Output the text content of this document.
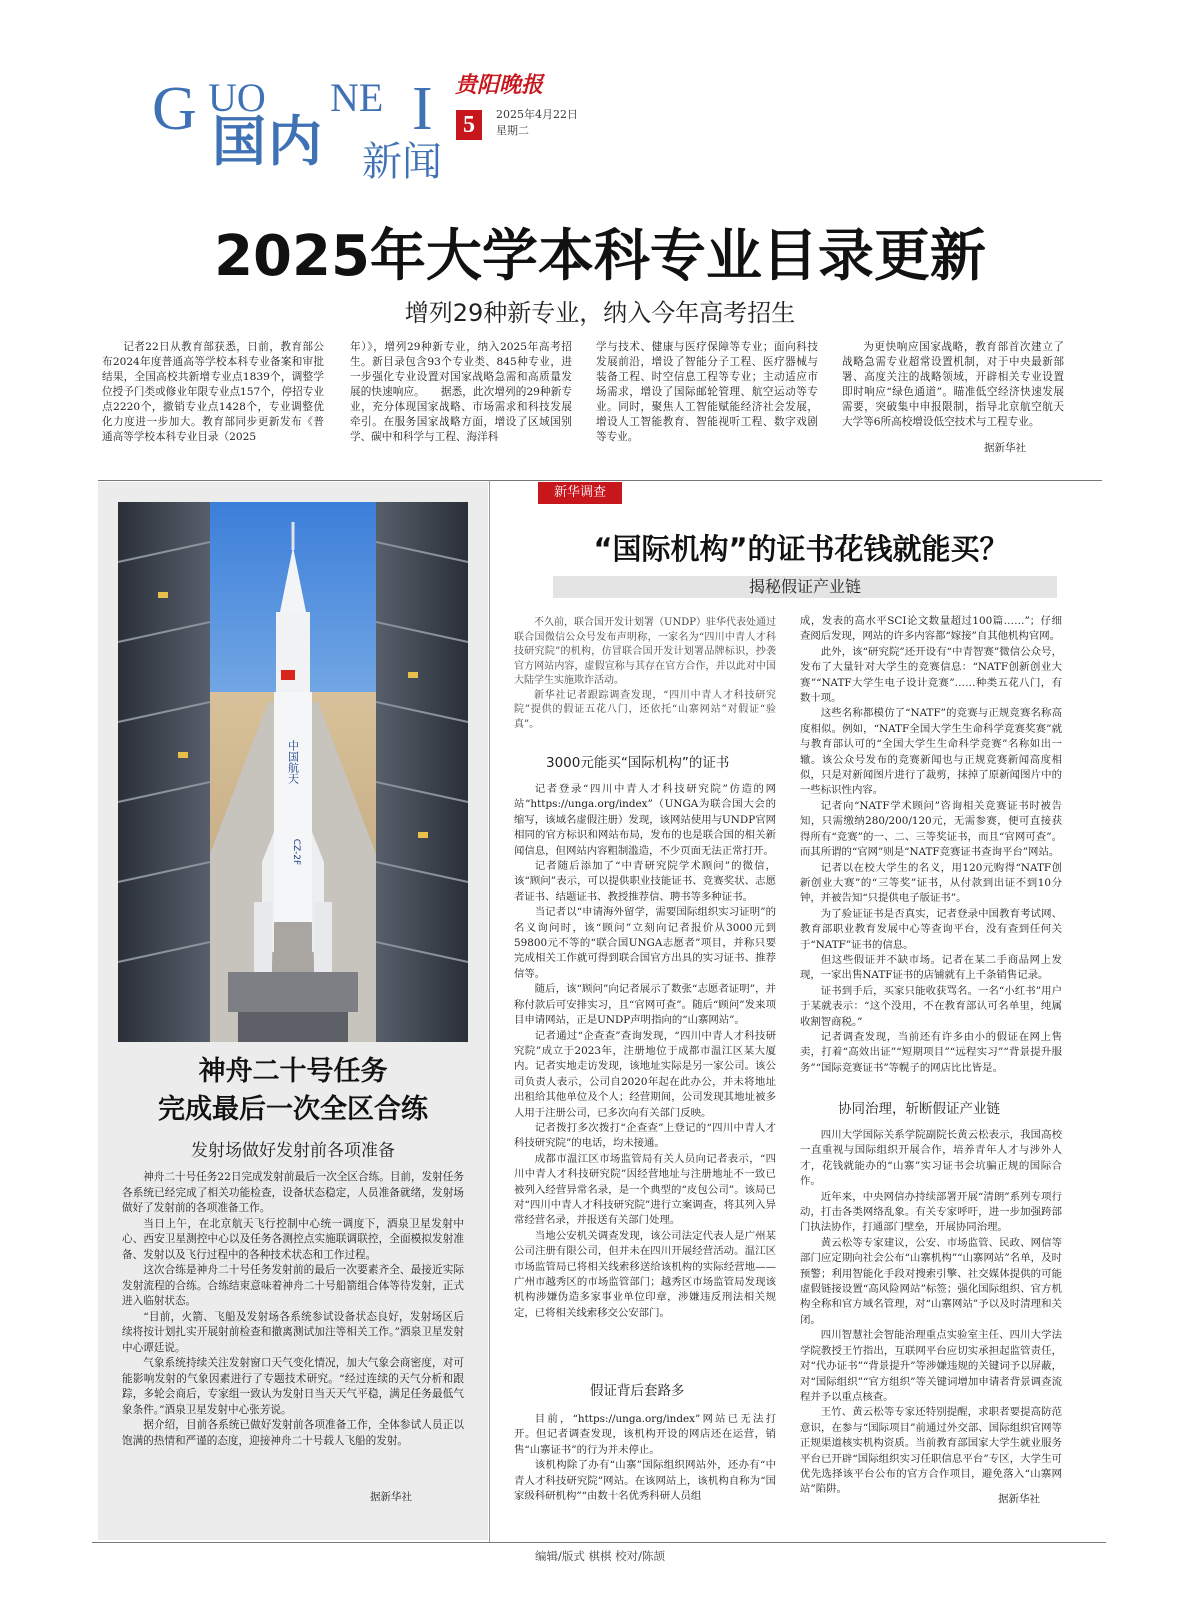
G UO NE I
国内 新闻
贵阳晚报
5	2025年4月22日
星期二
2025年大学本科专业目录更新
增列29种新专业，纳入今年高考招生
记者22日从教育部获悉，日前，教育部公布2024年度普通高等学校本科专业备案和审批结果，全国高校共新增专业点1839个，调整学位授予门类或修业年限专业点157个，停招专业点2220个，撤销专业点1428个，专业调整优化力度进一步加大。教育部同步更新发布《普通高等学校本科专业目录（2025
年）》，增列29种新专业，纳入2025年高考招生。新目录包含93个专业类、845种专业，进一步强化专业设置对国家战略急需和高质量发展的快速响应。　　据悉，此次增列的29种新专业，充分体现国家战略、市场需求和科技发展牵引。在服务国家战略方面，增设了区域国别学、碳中和科学与工程、海洋科
学与技术、健康与医疗保障等专业；面向科技发展前沿，增设了智能分子工程、医疗器械与装备工程、时空信息工程等专业；主动适应市场需求，增设了国际邮轮管理、航空运动等专业。同时，聚焦人工智能赋能经济社会发展，增设人工智能教育、智能视听工程、数字戏剧等专业。
为更快响应国家战略，教育部首次建立了战略急需专业超常设置机制，对于中央最新部署、高度关注的战略领域，开辟相关专业设置即时响应“绿色通道”。瞄准低空经济快速发展需要，突破集中申报限制，指导北京航空航天大学等6所高校增设低空技术与工程专业。
据新华社
中国航天
CZ-2F
神舟二十号任务
完成最后一次全区合练
发射场做好发射前各项准备

神舟二十号任务22日完成发射前最后一次全区合练。目前，发射任务各系统已经完成了相关功能检查，设备状态稳定，人员准备就绪，发射场做好了发射前的各项准备工作。

当日上午，在北京航天飞行控制中心统一调度下，酒泉卫星发射中心、西安卫星测控中心以及任务各测控点实施联调联控，全面模拟发射准备、发射以及飞行过程中的各种技术状态和工作过程。

这次合练是神舟二十号任务发射前的最后一次要素齐全、最接近实际发射流程的合练。合练结束意味着神舟二十号船箭组合体等待发射，正式进入临射状态。

“目前，火箭、飞船及发射场各系统参试设备状态良好，发射场区后续将按计划扎实开展射前检查和撤离测试加注等相关工作。”酒泉卫星发射中心谭廷说。

气象系统持续关注发射窗口天气变化情况，加大气象会商密度，对可能影响发射的气象因素进行了专题技术研究。“经过连续的天气分析和跟踪，多轮会商后，专家组一致认为发射日当天天气平稳，满足任务最低气象条件。”酒泉卫星发射中心张芳说。

据介绍，目前各系统已做好发射前各项准备工作，全体参试人员正以饱满的热情和严谨的态度，迎接神舟二十号载人飞船的发射。

据新华社
新华调查
“国际机构”的证书花钱就能买？
揭秘假证产业链

不久前，联合国开发计划署（UNDP）驻华代表处通过联合国微信公众号发布声明称，一家名为“四川中青人才科技研究院”的机构，仿冒联合国开发计划署品牌标识，抄袭官方网站内容，虚假宣称与其存在官方合作，并以此对中国大陆学生实施欺诈活动。

新华社记者跟踪调查发现，“四川中青人才科技研究院”提供的假证五花八门，还依托“山寨网站”对假证“验真”。

3000元能买“国际机构”的证书

记者登录“四川中青人才科技研究院”仿造的网站“https://unga.org/index”（UNGA为联合国大会的缩写，该域名虚假注册）发现，该网站使用与UNDP官网相同的官方标识和网站布局，发布的也是联合国的相关新闻信息，但网站内容粗制滥造，不少页面无法正常打开。

记者随后添加了“中青研究院学术顾问”的微信，该“顾问”表示，可以提供职业技能证书、竞赛奖状、志愿者证书、结题证书、教授推荐信、聘书等多种证书。

当记者以“申请海外留学，需要国际组织实习证明”的名义询问时，该“顾问”立刻向记者报价从3000元到59800元不等的“联合国UNGA志愿者”项目，并称只要完成相关工作就可得到联合国官方出具的实习证书、推荐信等。

随后，该“顾问”向记者展示了数张“志愿者证明”，并称付款后可安排实习，且“官网可查”。随后“顾问”发来项目申请网站，正是UNDP声明指向的“山寨网站”。

记者通过“企查查”查询发现，“四川中青人才科技研究院”成立于2023年，注册地位于成都市温江区某大厦内。记者实地走访发现，该地址实际是另一家公司。该公司负责人表示，公司自2020年起在此办公，并未将地址出租给其他单位及个人；经营期间，公司发现其地址被多人用于注册公司，已多次向有关部门反映。

记者拨打多次拨打“企查查”上登记的“四川中青人才科技研究院”的电话，均未接通。

成都市温江区市场监管局有关人员向记者表示，“四川中青人才科技研究院”因经营地址与注册地址不一致已被列入经营异常名录，是一个典型的“皮包公司”。该局已对“四川中青人才科技研究院”进行立案调查，将其列入异常经营名录，并报送有关部门处理。

当地公安机关调查发现，该公司法定代表人是广州某公司注册有限公司，但并未在四川开展经营活动。温江区市场监管局已将相关线索移送给该机构的实际经营地——广州市越秀区的市场监管部门；越秀区市场监管局发现该机构涉嫌伪造多家事业单位印章，涉嫌违反刑法相关规定，已将相关线索移交公安部门。

假证背后套路多

目前，“https://unga.org/index”网站已无法打开。但记者调查发现，该机构开设的网店还在运营，销售“山寨证书”的行为并未停止。

该机构除了办有“山寨”国际组织网站外，还办有“中青人才科技研究院”网站。在该网站上，该机构自称为“国家级科研机构”“由数十名优秀科研人员组

成，发表的高水平SCI论文数量超过100篇……”；仔细查阅后发现，网站的许多内容都“嫁接”自其他机构官网。

此外，该“研究院”还开设有“中青智赛”微信公众号，发布了大量针对大学生的竞赛信息：“NATF创新创业大赛”“NATF大学生电子设计竞赛”……种类五花八门，有数十项。

这些名称都模仿了“NATF”的竞赛与正规竞赛名称高度相似。例如，“NATF全国大学生生命科学竞赛奖赛”就与教育部认可的“全国大学生生命科学竞赛”名称如出一辙。该公众号发布的竞赛新闻也与正规竞赛新闻高度相似，只是对新闻图片进行了裁剪，抹掉了原新闻图片中的一些标识性内容。

记者向“NATF学术顾问”咨询相关竞赛证书时被告知，只需缴纳280/200/120元，无需参赛，便可直接获得所有“竞赛”的一、二、三等奖证书，而且“官网可查”。而其所谓的“官网”则是“NATF竞赛证书查询平台”网站。

记者以在校大学生的名义，用120元购得“NATF创新创业大赛”的“三等奖”证书，从付款到出证不到10分钟，并被告知“只提供电子版证书”。

为了验证证书是否真实，记者登录中国教育考试网、教育部职业教育发展中心等查询平台，没有查到任何关于“NATF”证书的信息。

但这些假证并不缺市场。记者在某二手商品网上发现，一家出售NATF证书的店铺就有上千条销售记录。

证书到手后，买家只能收获骂名。一名“小红书”用户于某就表示：“这个没用，不在教育部认可名单里，纯属收割智商税。”

记者调查发现，当前还有许多由小的假证在网上售卖，打着“高效出证”“短期项目”“远程实习”“背景提升服务”“国际竞赛证书”等幌子的网店比比皆是。

协同治理，斩断假证产业链

四川大学国际关系学院副院长黄云松表示，我国高校一直重视与国际组织开展合作，培养青年人才与涉外人才，花钱就能办的“山寨”实习证书会坑骗正规的国际合作。

近年来，中央网信办持续部署开展“清朗”系列专项行动，打击各类网络乱象。有关专家呼吁，进一步加强跨部门执法协作，打通部门壁垒，开展协同治理。

黄云松等专家建议，公安、市场监管、民政、网信等部门应定期向社会公布“山寨机构”“山寨网站”名单，及时预警；利用智能化手段对搜索引擎、社交媒体提供的可能虚假链接设置“高风险网站”标签；强化国际组织、官方机构全称和官方域名管理，对“山寨网站”予以及时清理和关闭。

四川智慧社会智能治理重点实验室主任、四川大学法学院教授王竹指出，互联网平台应切实承担起监管责任，对“代办证书”“背景提升”等涉嫌违规的关键词予以屏蔽，对“国际组织”“官方组织”等关键词增加申请者背景调查流程并予以重点核查。

王竹、黄云松等专家还特别提醒，求职者要提高防范意识，在参与“国际项目”前通过外交部、国际组织官网等正规渠道核实机构资质。当前教育部国家大学生就业服务平台已开辟“国际组织实习任职信息平台”专区，大学生可优先选择该平台公布的官方合作项目，避免落入“山寨网站”陷阱。

据新华社
编辑/版式 棋棋 校对/陈颉
